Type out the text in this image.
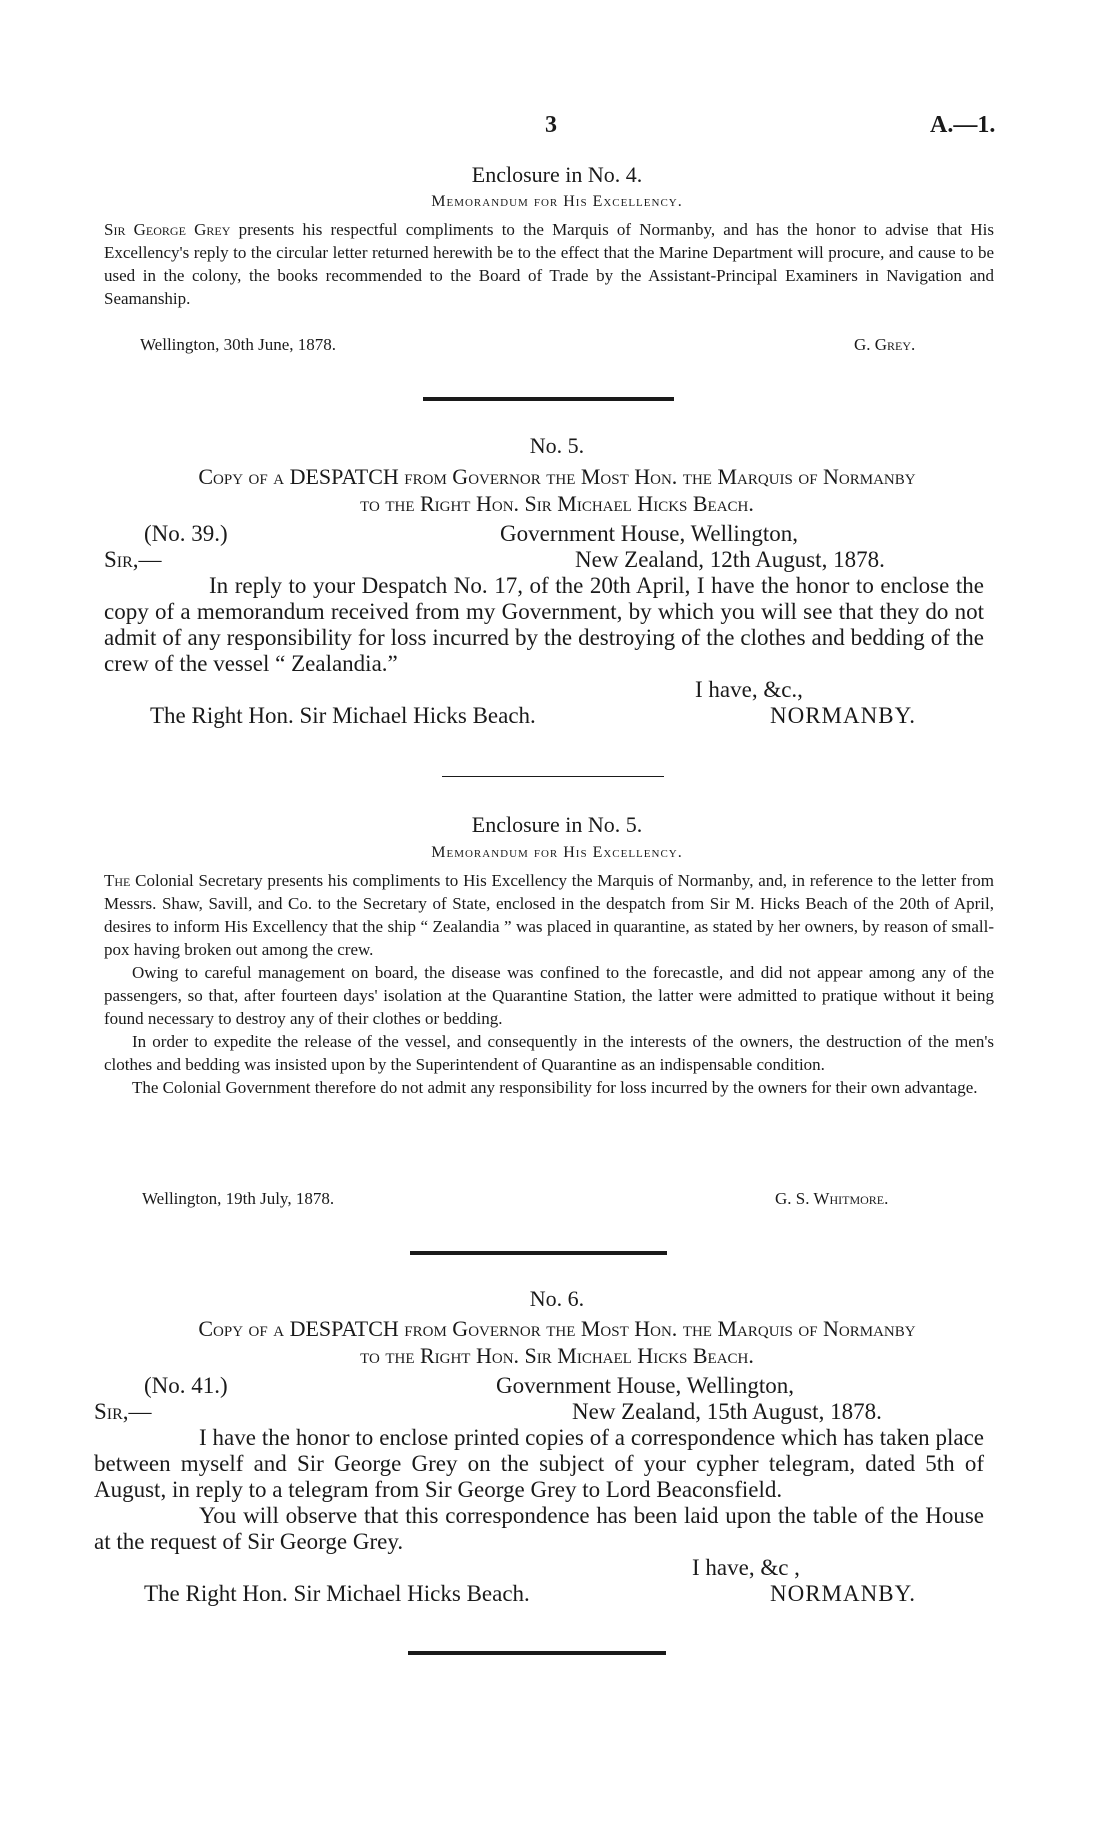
3	A.—1.
Enclosure in No. 4.
Memorandum for His Excellency.

Sir George Grey presents his respectful compliments to the Marquis of Normanby, and has the honor to advise that His Excellency's reply to the circular letter returned herewith be to the effect that the Marine Department will procure, and cause to be used in the colony, the books recommended to the Board of Trade by the Assistant-Principal Examiners in Navigation and Seamanship.

Wellington, 30th June, 1878.	G. Grey.
No. 5.
Copy of a DESPATCH from Governor the Most Hon. the Marquis of Normanby
to the Right Hon. Sir Michael Hicks Beach.
(No. 39.)	Government House, Wellington,
Sir,—	New Zealand, 12th August, 1878.

In reply to your Despatch No. 17, of the 20th April, I have the honor to enclose the copy of a memorandum received from my Government, by which you will see that they do not admit of any responsibility for loss incurred by the destroying of the clothes and bedding of the crew of the vessel “ Zealandia.”

I have, &c.,
The Right Hon. Sir Michael Hicks Beach.	NORMANBY.
Enclosure in No. 5.
Memorandum for His Excellency.

The Colonial Secretary presents his compliments to His Excellency the Marquis of Normanby, and, in reference to the letter from Messrs. Shaw, Savill, and Co. to the Secretary of State, enclosed in the despatch from Sir M. Hicks Beach of the 20th of April, desires to inform His Excellency that the ship “ Zealandia ” was placed in quarantine, as stated by her owners, by reason of small-pox having broken out among the crew.

Owing to careful management on board, the disease was confined to the forecastle, and did not appear among any of the passengers, so that, after fourteen days' isolation at the Quarantine Station, the latter were admitted to pratique without it being found necessary to destroy any of their clothes or bedding.

In order to expedite the release of the vessel, and consequently in the interests of the owners, the destruction of the men's clothes and bedding was insisted upon by the Superintendent of Quarantine as an indispensable condition.

The Colonial Government therefore do not admit any responsibility for loss incurred by the owners for their own advantage.

Wellington, 19th July, 1878.	G. S. Whitmore.
No. 6.
Copy of a DESPATCH from Governor the Most Hon. the Marquis of Normanby
to the Right Hon. Sir Michael Hicks Beach.
(No. 41.)	Government House, Wellington,
Sir,—	New Zealand, 15th August, 1878.

I have the honor to enclose printed copies of a correspondence which has taken place between myself and Sir George Grey on the subject of your cypher telegram, dated 5th of August, in reply to a telegram from Sir George Grey to Lord Beaconsfield.

You will observe that this correspondence has been laid upon the table of the House at the request of Sir George Grey.

I have, &c ,
The Right Hon. Sir Michael Hicks Beach.	NORMANBY.
